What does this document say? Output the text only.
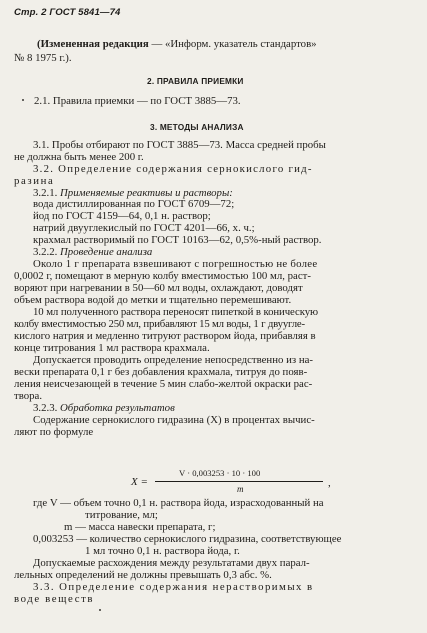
Стр. 2 ГОСТ 5841—74
(Измененная редакция — «Информ. указатель стандартов»
№ 8 1975 г.).
2. ПРАВИЛА ПРИЕМКИ
2.1. Правила приемки — по ГОСТ 3885—73.
3. МЕТОДЫ АНАЛИЗА
3.1. Пробы отбирают по ГОСТ 3885—73. Масса средней пробы
не должна быть менее 200 г.
3.2. Определение содержания сернокислого гид-
разина
3.2.1. Применяемые реактивы и растворы:
вода дистиллированная по ГОСТ 6709—72;
йод по ГОСТ 4159—64, 0,1 н. раствор;
натрий двууглекислый по ГОСТ 4201—66, х. ч.;
крахмал растворимый по ГОСТ 10163—62, 0,5%-ный раствор.
3.2.2. Проведение анализа
Около 1 г препарата взвешивают с погрешностью не более
0,0002 г, помещают в мерную колбу вместимостью 100 мл, раст-
воряют при нагревании в 50—60 мл воды, охлаждают, доводят
объем раствора водой до метки и тщательно перемешивают.
10 мл полученного раствора переносят пипеткой в коническую
колбу вместимостью 250 мл, прибавляют 15 мл воды, 1 г двууглe-
кислого натрия и медленно титруют раствором йода, прибавляя в
конце титрования 1 мл раствора крахмала.
Допускается проводить определение непосредственно из на-
вески препарата 0,1 г без добавления крахмала, титруя до появ-
ления неисчезающей в течение 5 мин слабо-желтой окраски рас-
твора.
3.2.3. Обработка результатов
Содержание сернокислого гидразина (X) в процентах вычис-
ляют по формуле
X =
V · 0,003253 · 10 · 100
m	,
где V — объем точно 0,1 н. раствора йода, израсходованный на
титрование, мл;
m — масса навески препарата, г;
0,003253 — количество сернокислого гидразина, соответствующее
1 мл точно 0,1 н. раствора йода, г.
Допускаемые расхождения между результатами двух парал-
лельных определений не должны превышать 0,3 абс. %.
3.3. Определение содержания нерастворимых в
воде веществ
